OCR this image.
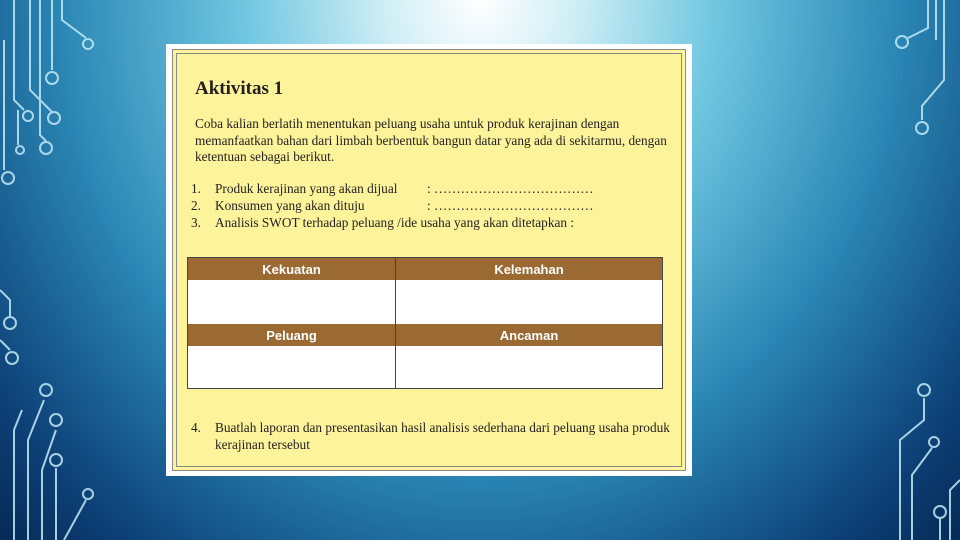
Aktivitas 1
Coba kalian berlatih menentukan peluang usaha untuk produk kerajinan dengan memanfaatkan bahan dari limbah berbentuk bangun datar yang ada di sekitarmu, dengan ketentuan sebagai berikut.
1. Produk kerajinan yang akan dijual : ………………………………
2. Konsumen yang akan dituju	: ………………………………
3. Analisis SWOT terhadap peluang /ide usaha yang akan ditetapkan :
Kekuatan	Kelemahan
Peluang	Ancaman
4. Buatlah laporan dan presentasikan hasil analisis sederhana dari peluang usaha produk kerajinan tersebut
